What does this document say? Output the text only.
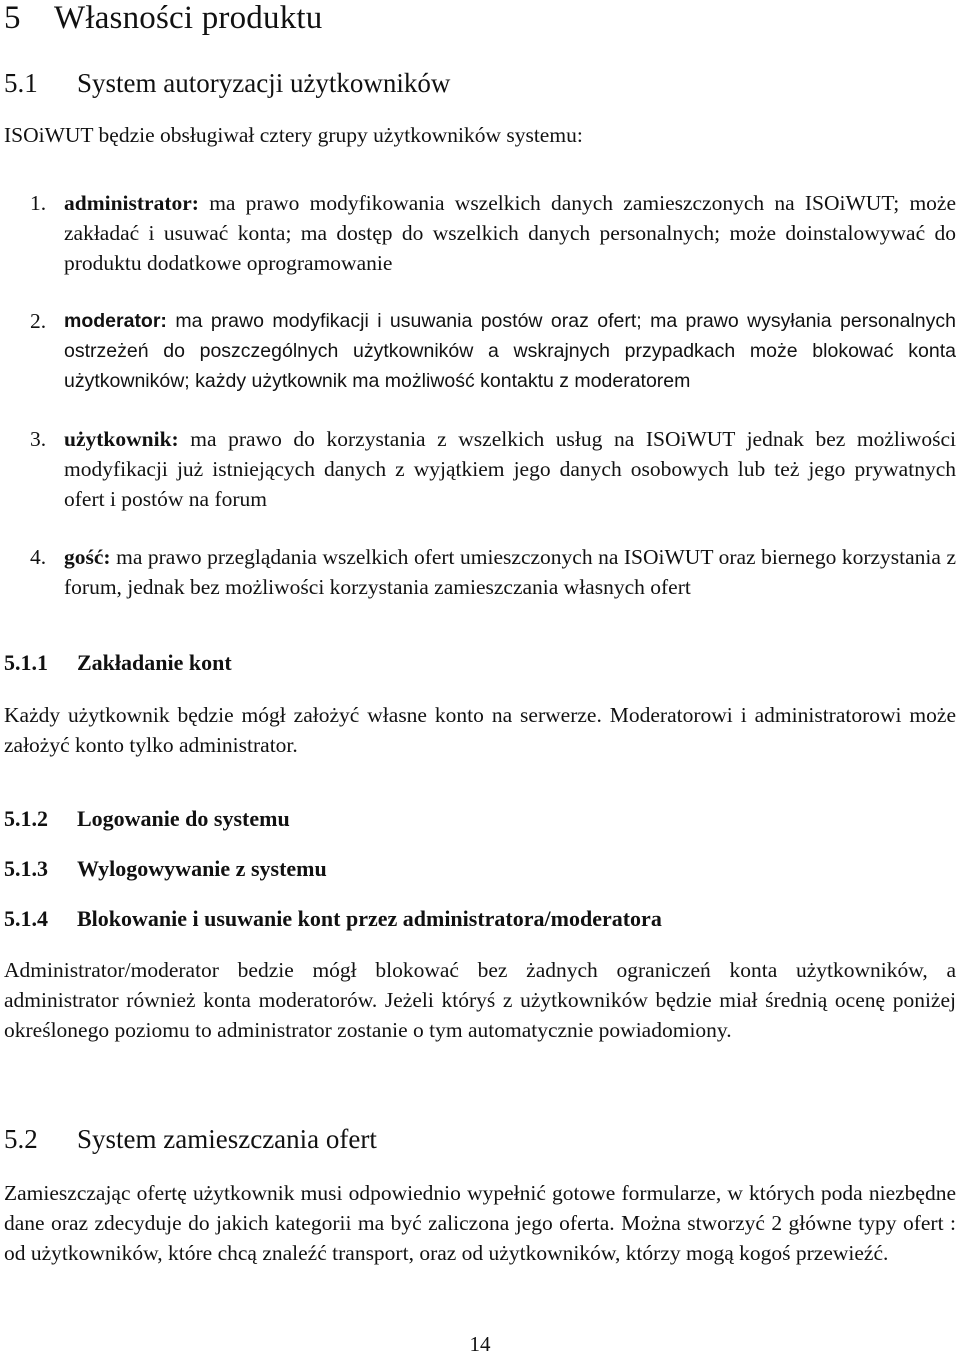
5 Własności produktu
5.1 System autoryzacji użytkowników

ISOiWUT będzie obsługiwał cztery grupy użytkowników systemu:

1. administrator: ma prawo modyfikowania wszelkich danych zamieszczonych na ISOiWUT; może zakładać i usuwać konta; ma dostęp do wszelkich danych personalnych; może doinstalowywać do produktu dodatkowe oprogramowanie
2. moderator: ma prawo modyfikacji i usuwania postów oraz ofert; ma prawo wysyłania personalnych ostrzeżeń do poszczególnych użytkowników a wskrajnych przypadkach może blokować konta użytkowników; każdy użytkownik ma możliwość kontaktu z moderatorem
3. użytkownik: ma prawo do korzystania z wszelkich usług na ISOiWUT jednak bez możliwości modyfikacji już istniejących danych z wyjątkiem jego danych osobowych lub też jego prywatnych ofert i postów na forum
4. gość: ma prawo przeglądania wszelkich ofert umieszczonych na ISOiWUT oraz biernego korzystania z forum, jednak bez możliwości korzystania zamieszczania własnych ofert
5.1.1 Zakładanie kont

Każdy użytkownik będzie mógł założyć własne konto na serwerze. Moderatorowi i administratorowi może założyć konto tylko administrator.

5.1.2 Logowanie do systemu
5.1.3 Wylogowywanie z systemu
5.1.4 Blokowanie i usuwanie kont przez administratora/moderatora

Administrator/moderator bedzie mógł blokować bez żadnych ograniczeń konta użytkowników, a administrator również konta moderatorów. Jeżeli któryś z użytkowników będzie miał średnią ocenę poniżej określonego poziomu to administrator zostanie o tym automatycznie powiadomiony.

5.2 System zamieszczania ofert

Zamieszczając ofertę użytkownik musi odpowiednio wypełnić gotowe formularze, w których poda niezbędne dane oraz zdecyduje do jakich kategorii ma być zaliczona jego oferta. Można stworzyć 2 główne typy ofert : od użytkowników, które chcą znaleźć transport, oraz od użytkowników, którzy mogą kogoś przewieźć.

14
